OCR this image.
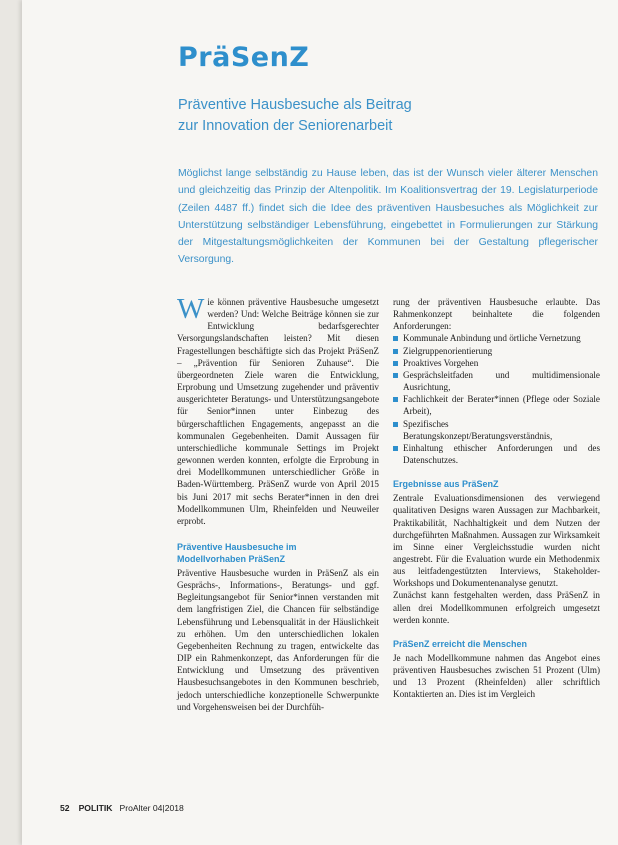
PräSenZ
Präventive Hausbesuche als Beitrag
zur Innovation der Seniorenarbeit
Möglichst lange selbständig zu Hause leben, das ist der Wunsch vieler älterer Menschen und gleichzeitig das Prinzip der Altenpolitik. Im Koalitionsvertrag der 19. Legislaturperiode (Zeilen 4487 ff.) findet sich die Idee des präventiven Hausbesuches als Möglichkeit zur Unterstützung selbständiger Lebensführung, eingebettet in Formulierungen zur Stärkung der Mitgestaltungsmöglichkeiten der Kommunen bei der Gestaltung pflegerischer Versorgung.

Wie können präventive Hausbesuche umgesetzt werden? Und: Welche Beiträge können sie zur Entwicklung bedarfsgerechter Versorgungslandschaften leisten? Mit diesen Fragestellungen beschäftigte sich das Projekt PräSenZ – „Prävention für Senioren Zuhause“. Die übergeordneten Ziele waren die Entwicklung, Erprobung und Umsetzung zugehender und präventiv ausgerichteter Beratungs- und Unterstützungsangebote für Senior*innen unter Einbezug des bürgerschaftlichen Engagements, angepasst an die kommunalen Gegebenheiten. Damit Aussagen für unterschiedliche kommunale Settings im Projekt gewonnen werden konnten, erfolgte die Erprobung in drei Modellkommunen unterschiedlicher Größe in Baden-Württemberg. PräSenZ wurde von April 2015 bis Juni 2017 mit sechs Berater*innen in den drei Modellkommunen Ulm, Rheinfelden und Neuweiler erprobt.

Präventive Hausbesuche im
Modellvorhaben PräSenZ

Präventive Hausbesuche wurden in PräSenZ als ein Gesprächs-, Informations-, Beratungs- und ggf. Begleitungsangebot für Senior*innen verstanden mit dem langfristigen Ziel, die Chancen für selbständige Lebensführung und Lebensqualität in der Häuslichkeit zu erhöhen. Um den unterschiedlichen lokalen Gegebenheiten Rechnung zu tragen, entwickelte das DIP ein Rahmenkonzept, das Anforderungen für die Entwicklung und Umsetzung des präventiven Hausbesuchsangebotes in den Kommunen beschrieb, jedoch unterschiedliche konzeptionelle Schwerpunkte und Vorgehensweisen bei der Durchfüh-

rung der präventiven Hausbesuche erlaubte. Das Rahmenkonzept beinhaltete die folgenden Anforderungen:

Kommunale Anbindung und örtliche Vernetzung
Zielgruppenorientierung
Proaktives Vorgehen
Gesprächsleitfaden und multidimensionale Ausrichtung,
Fachlichkeit der Berater*innen (Pflege oder Soziale Arbeit),
Spezifisches Beratungskonzept/Beratungsverständnis,
Einhaltung ethischer Anforderungen und des Datenschutzes.
Ergebnisse aus PräSenZ

Zentrale Evaluationsdimensionen des verwiegend qualitativen Designs waren Aussagen zur Machbarkeit, Praktikabilität, Nachhaltigkeit und dem Nutzen der durchgeführten Maßnahmen. Aussagen zur Wirksamkeit im Sinne einer Vergleichsstudie wurden nicht angestrebt. Für die Evaluation wurde ein Methodenmix aus leitfadengestützten Interviews, Stakeholder-Workshops und Dokumentenanalyse genutzt.

Zunächst kann festgehalten werden, dass PräSenZ in allen drei Modellkommunen erfolgreich umgesetzt werden konnte.

PräSenZ erreicht die Menschen

Je nach Modellkommune nahmen das Angebot eines präventiven Hausbesuches zwischen 51 Prozent (Ulm) und 13 Prozent (Rheinfelden) aller schriftlich Kontaktierten an. Dies ist im Vergleich

52 POLITIK ProAlter 04|2018
